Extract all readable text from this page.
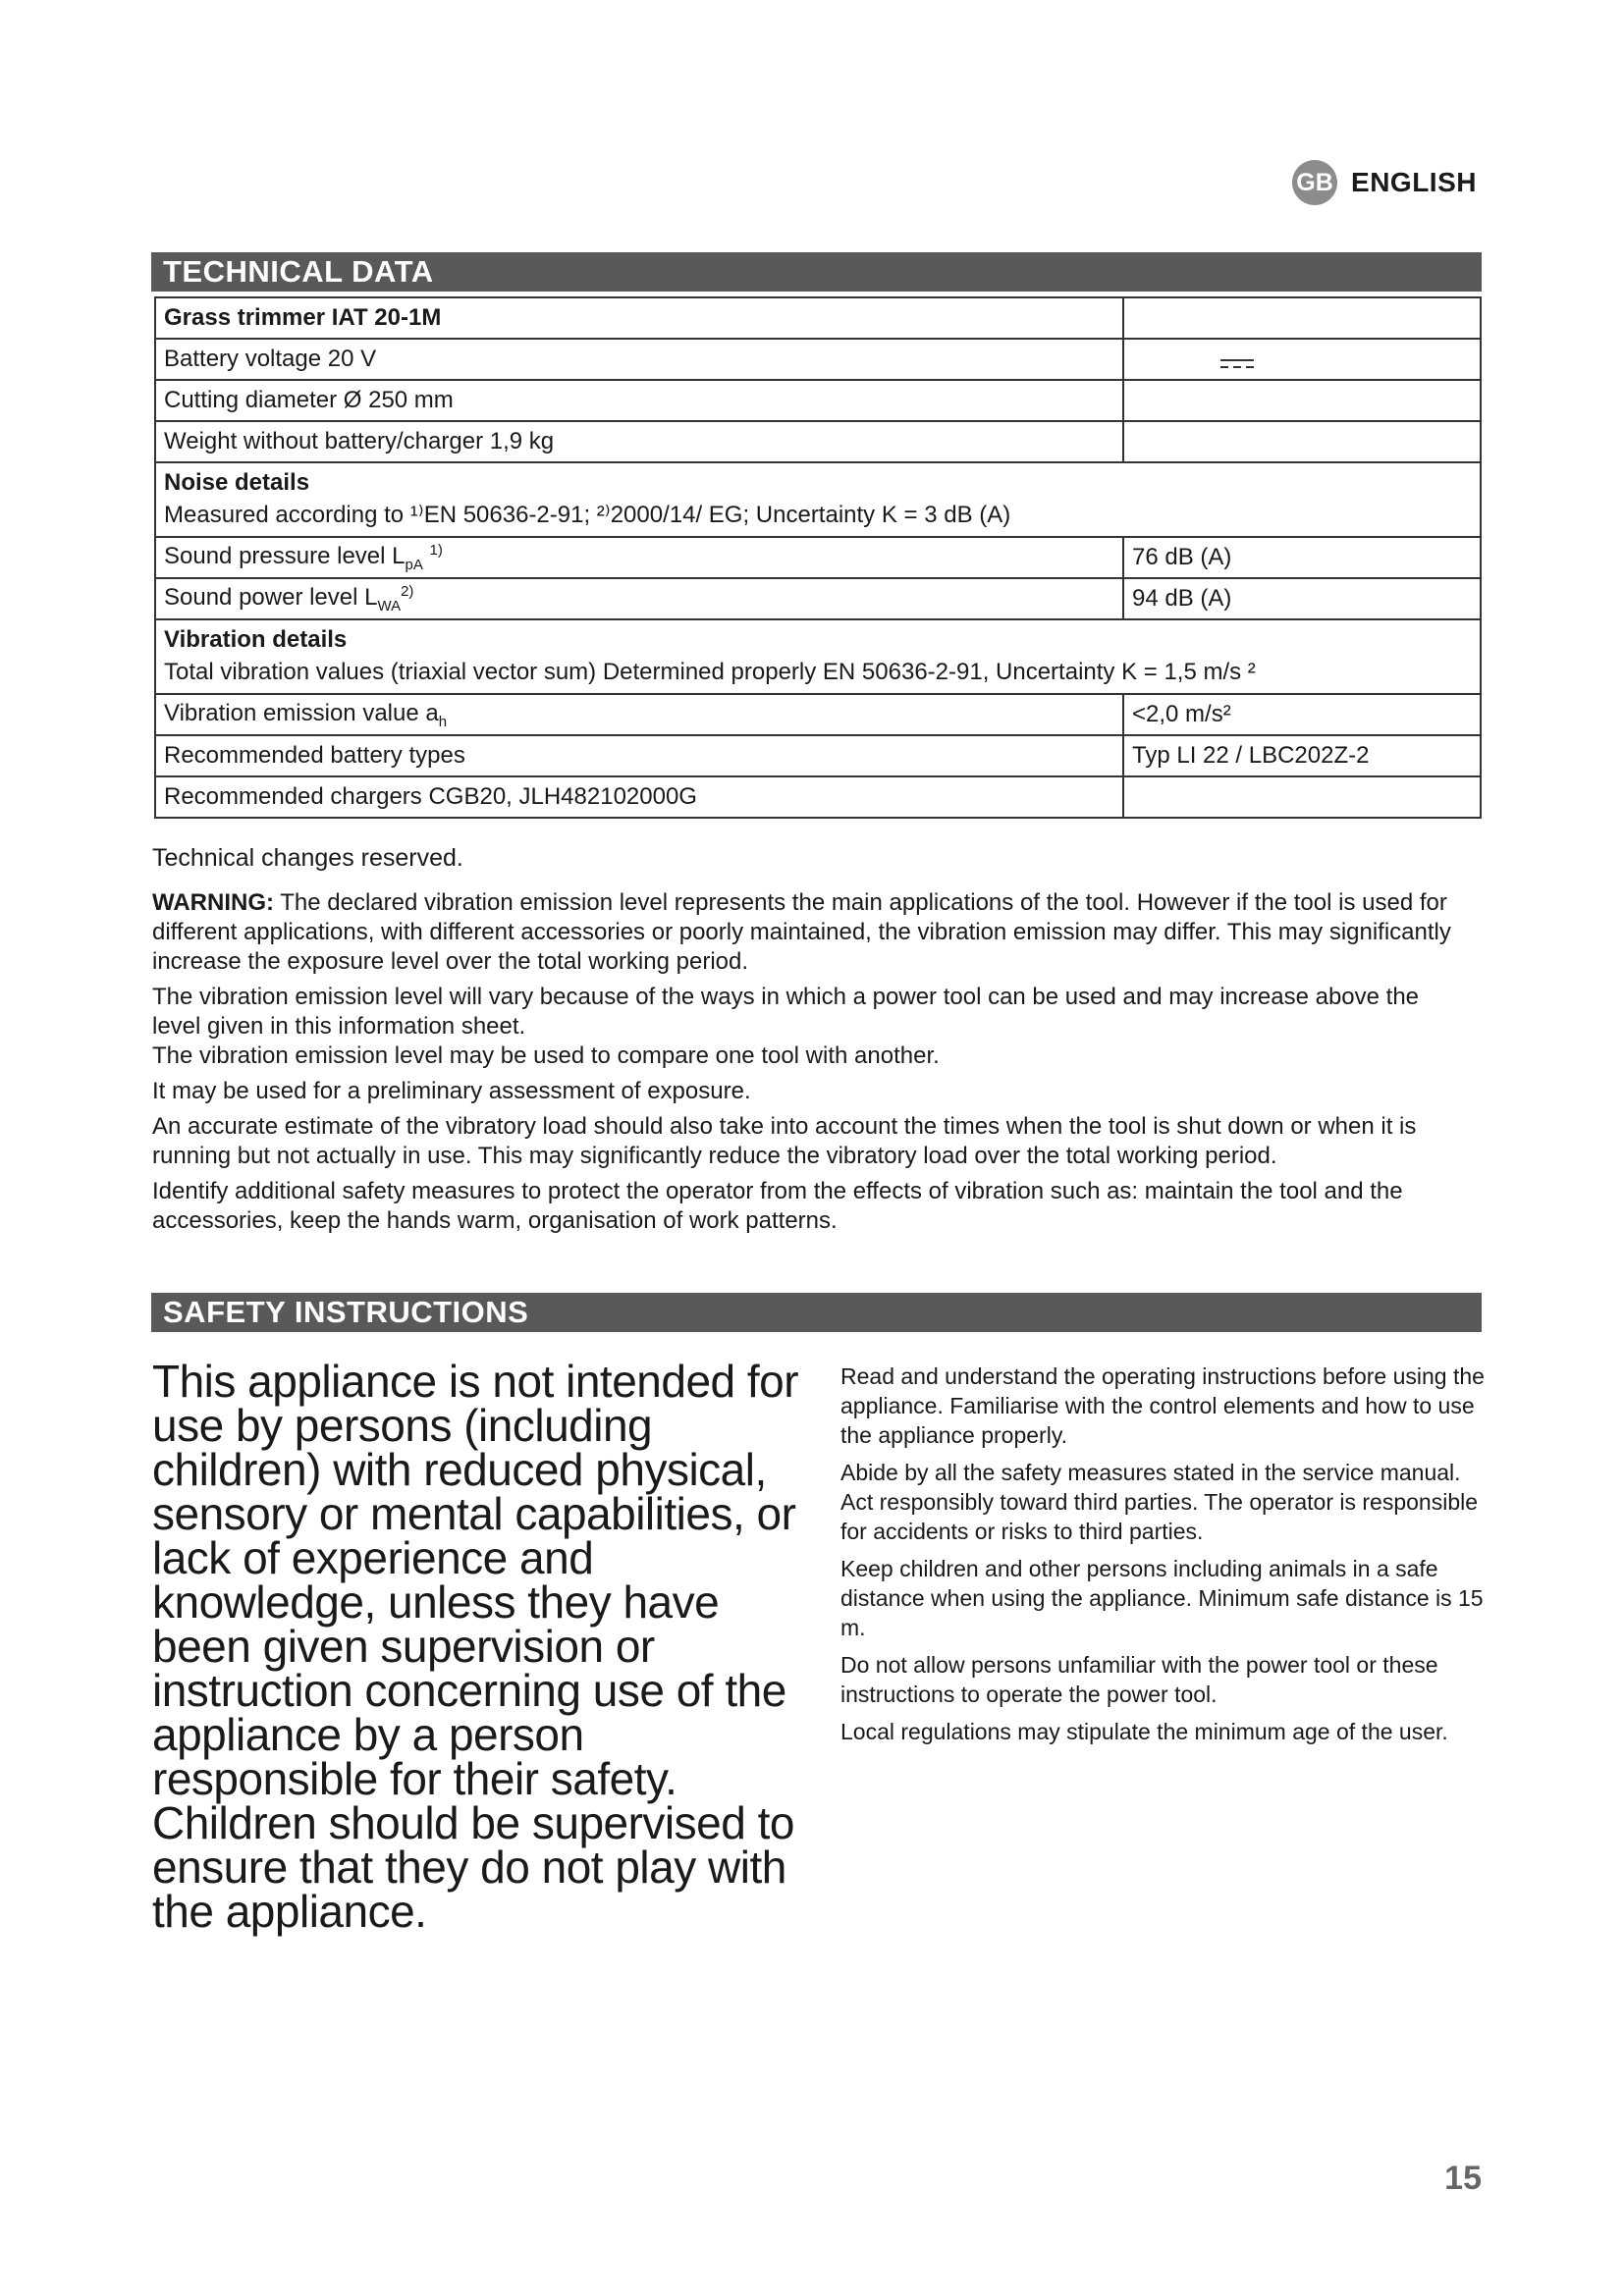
GB ENGLISH
TECHNICAL DATA
Grass trimmer IAT 20-1M	
Battery voltage 20 V	
Cutting diameter Ø 250 mm	
Weight without battery/charger 1,9 kg	

Noise details
Measured according to ¹⁾EN 50636-2-91; ²⁾2000/14/ EG; Uncertainty K = 3 dB (A)	

Sound pressure level $L_{pA}$ $^{1)}$	76 dB (A)
Sound power level $L_{WA}^{2)}$	94 dB (A)

Vibration details
Total vibration values (triaxial vector sum) Determined properly EN 50636-2-91, Uncertainty K = 1,5 m/s ²	

Vibration emission value $a_h$	<2,0 m/s²
Recommended battery types	Typ LI 22 / LBC202Z-2
Recommended chargers CGB20, JLH482102000G	
Technical changes reserved.

WARNING: The declared vibration emission level represents the main applications of the tool. However if the tool is used for different applications, with different accessories or poorly maintained, the vibration emission may differ. This may significantly increase the exposure level over the total working period.

The vibration emission level will vary because of the ways in which a power tool can be used and may increase above the level given in this information sheet.

The vibration emission level may be used to compare one tool with another.

It may be used for a preliminary assessment of exposure.

An accurate estimate of the vibratory load should also take into account the times when the tool is shut down or when it is running but not actually in use. This may significantly reduce the vibratory load over the total working period.

Identify additional safety measures to protect the operator from the effects of vibration such as: maintain the tool and the accessories, keep the hands warm, organisation of work patterns.

SAFETY INSTRUCTIONS
This appliance is not intended for use by persons (including children) with reduced physical, sensory or mental capabilities, or lack of experience and knowledge, unless they have been given supervision or instruction concerning use of the appliance by a person responsible for their safety. Children should be supervised to ensure that they do not play with the appliance.

Read and understand the operating instructions before using the appliance. Familiarise with the control elements and how to use the appliance properly.

Abide by all the safety measures stated in the service manual. Act responsibly toward third parties. The operator is responsible for accidents or risks to third parties.

Keep children and other persons including animals in a safe distance when using the appliance. Minimum safe distance is 15 m.

Do not allow persons unfamiliar with the power tool or these instructions to operate the power tool.

Local regulations may stipulate the minimum age of the user.

15
